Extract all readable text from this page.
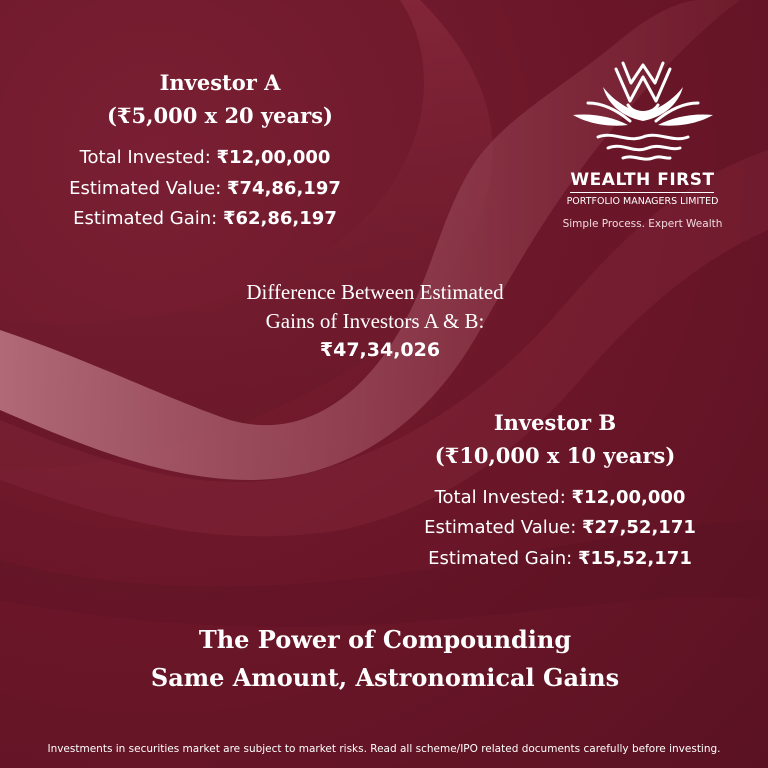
Investor A
(₹5,000 x 20 years)
Total Invested: ₹12,00,000
Estimated Value: ₹74,86,197
Estimated Gain: ₹62,86,197
Difference Between Estimated
Gains of Investors A & B:
₹47,34,026
Investor B
(₹10,000 x 10 years)
Total Invested: ₹12,00,000
Estimated Value: ₹27,52,171
Estimated Gain: ₹15,52,171
WEALTH FIRST
PORTFOLIO MANAGERS LIMITED
Simple Process. Expert Wealth
The Power of Compounding
Same Amount, Astronomical Gains
Investments in securities market are subject to market risks. Read all scheme/IPO related documents carefully before investing.
